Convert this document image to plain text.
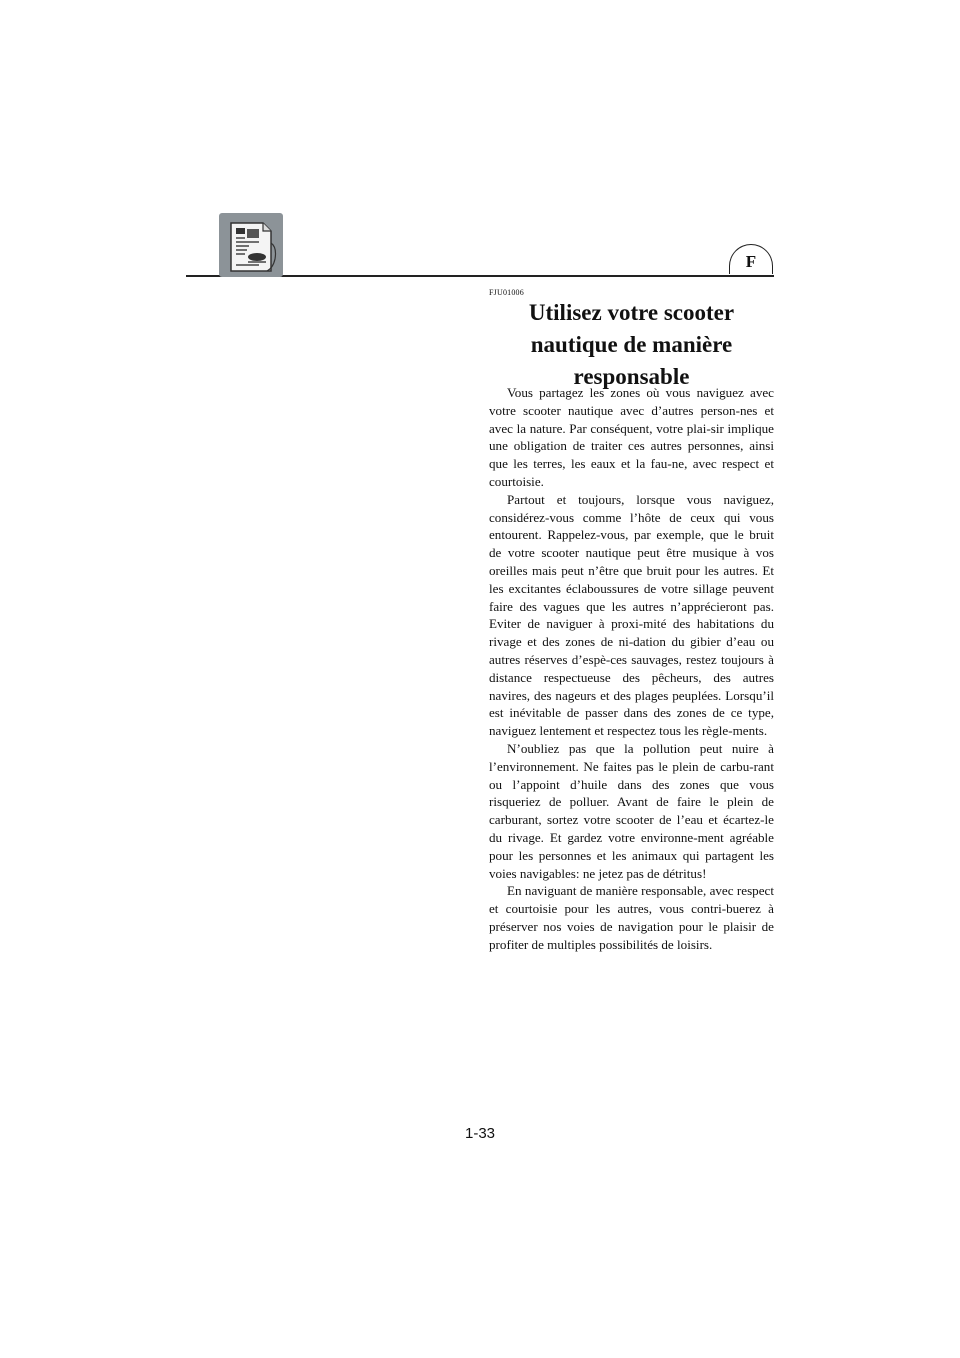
F
FJU01006
Utilisez votre scooter
nautique de manière
responsable

Vous partagez les zones où vous naviguez avec votre scooter nautique avec d’autres person-nes et avec la nature. Par conséquent, votre plai-sir implique une obligation de traiter ces autres personnes, ainsi que les terres, les eaux et la fau-ne, avec respect et courtoisie.

Partout et toujours, lorsque vous naviguez, considérez-vous comme l’hôte de ceux qui vous entourent. Rappelez-vous, par exemple, que le bruit de votre scooter nautique peut être musique à vos oreilles mais peut n’être que bruit pour les autres. Et les excitantes éclaboussures de votre sillage peuvent faire des vagues que les autres n’apprécieront pas. Eviter de naviguer à proxi-mité des habitations du rivage et des zones de ni-dation du gibier d’eau ou autres réserves d’espè-ces sauvages, restez toujours à distance respectueuse des pêcheurs, des autres navires, des nageurs et des plages peuplées. Lorsqu’il est inévitable de passer dans des zones de ce type, naviguez lentement et respectez tous les règle-ments.

N’oubliez pas que la pollution peut nuire à l’environnement. Ne faites pas le plein de carbu-rant ou l’appoint d’huile dans des zones que vous risqueriez de polluer. Avant de faire le plein de carburant, sortez votre scooter de l’eau et écartez-le du rivage. Et gardez votre environne-ment agréable pour les personnes et les animaux qui partagent les voies navigables: ne jetez pas de détritus!

En naviguant de manière responsable, avec respect et courtoisie pour les autres, vous contri-buerez à préserver nos voies de navigation pour le plaisir de profiter de multiples possibilités de loisirs.

1-33
